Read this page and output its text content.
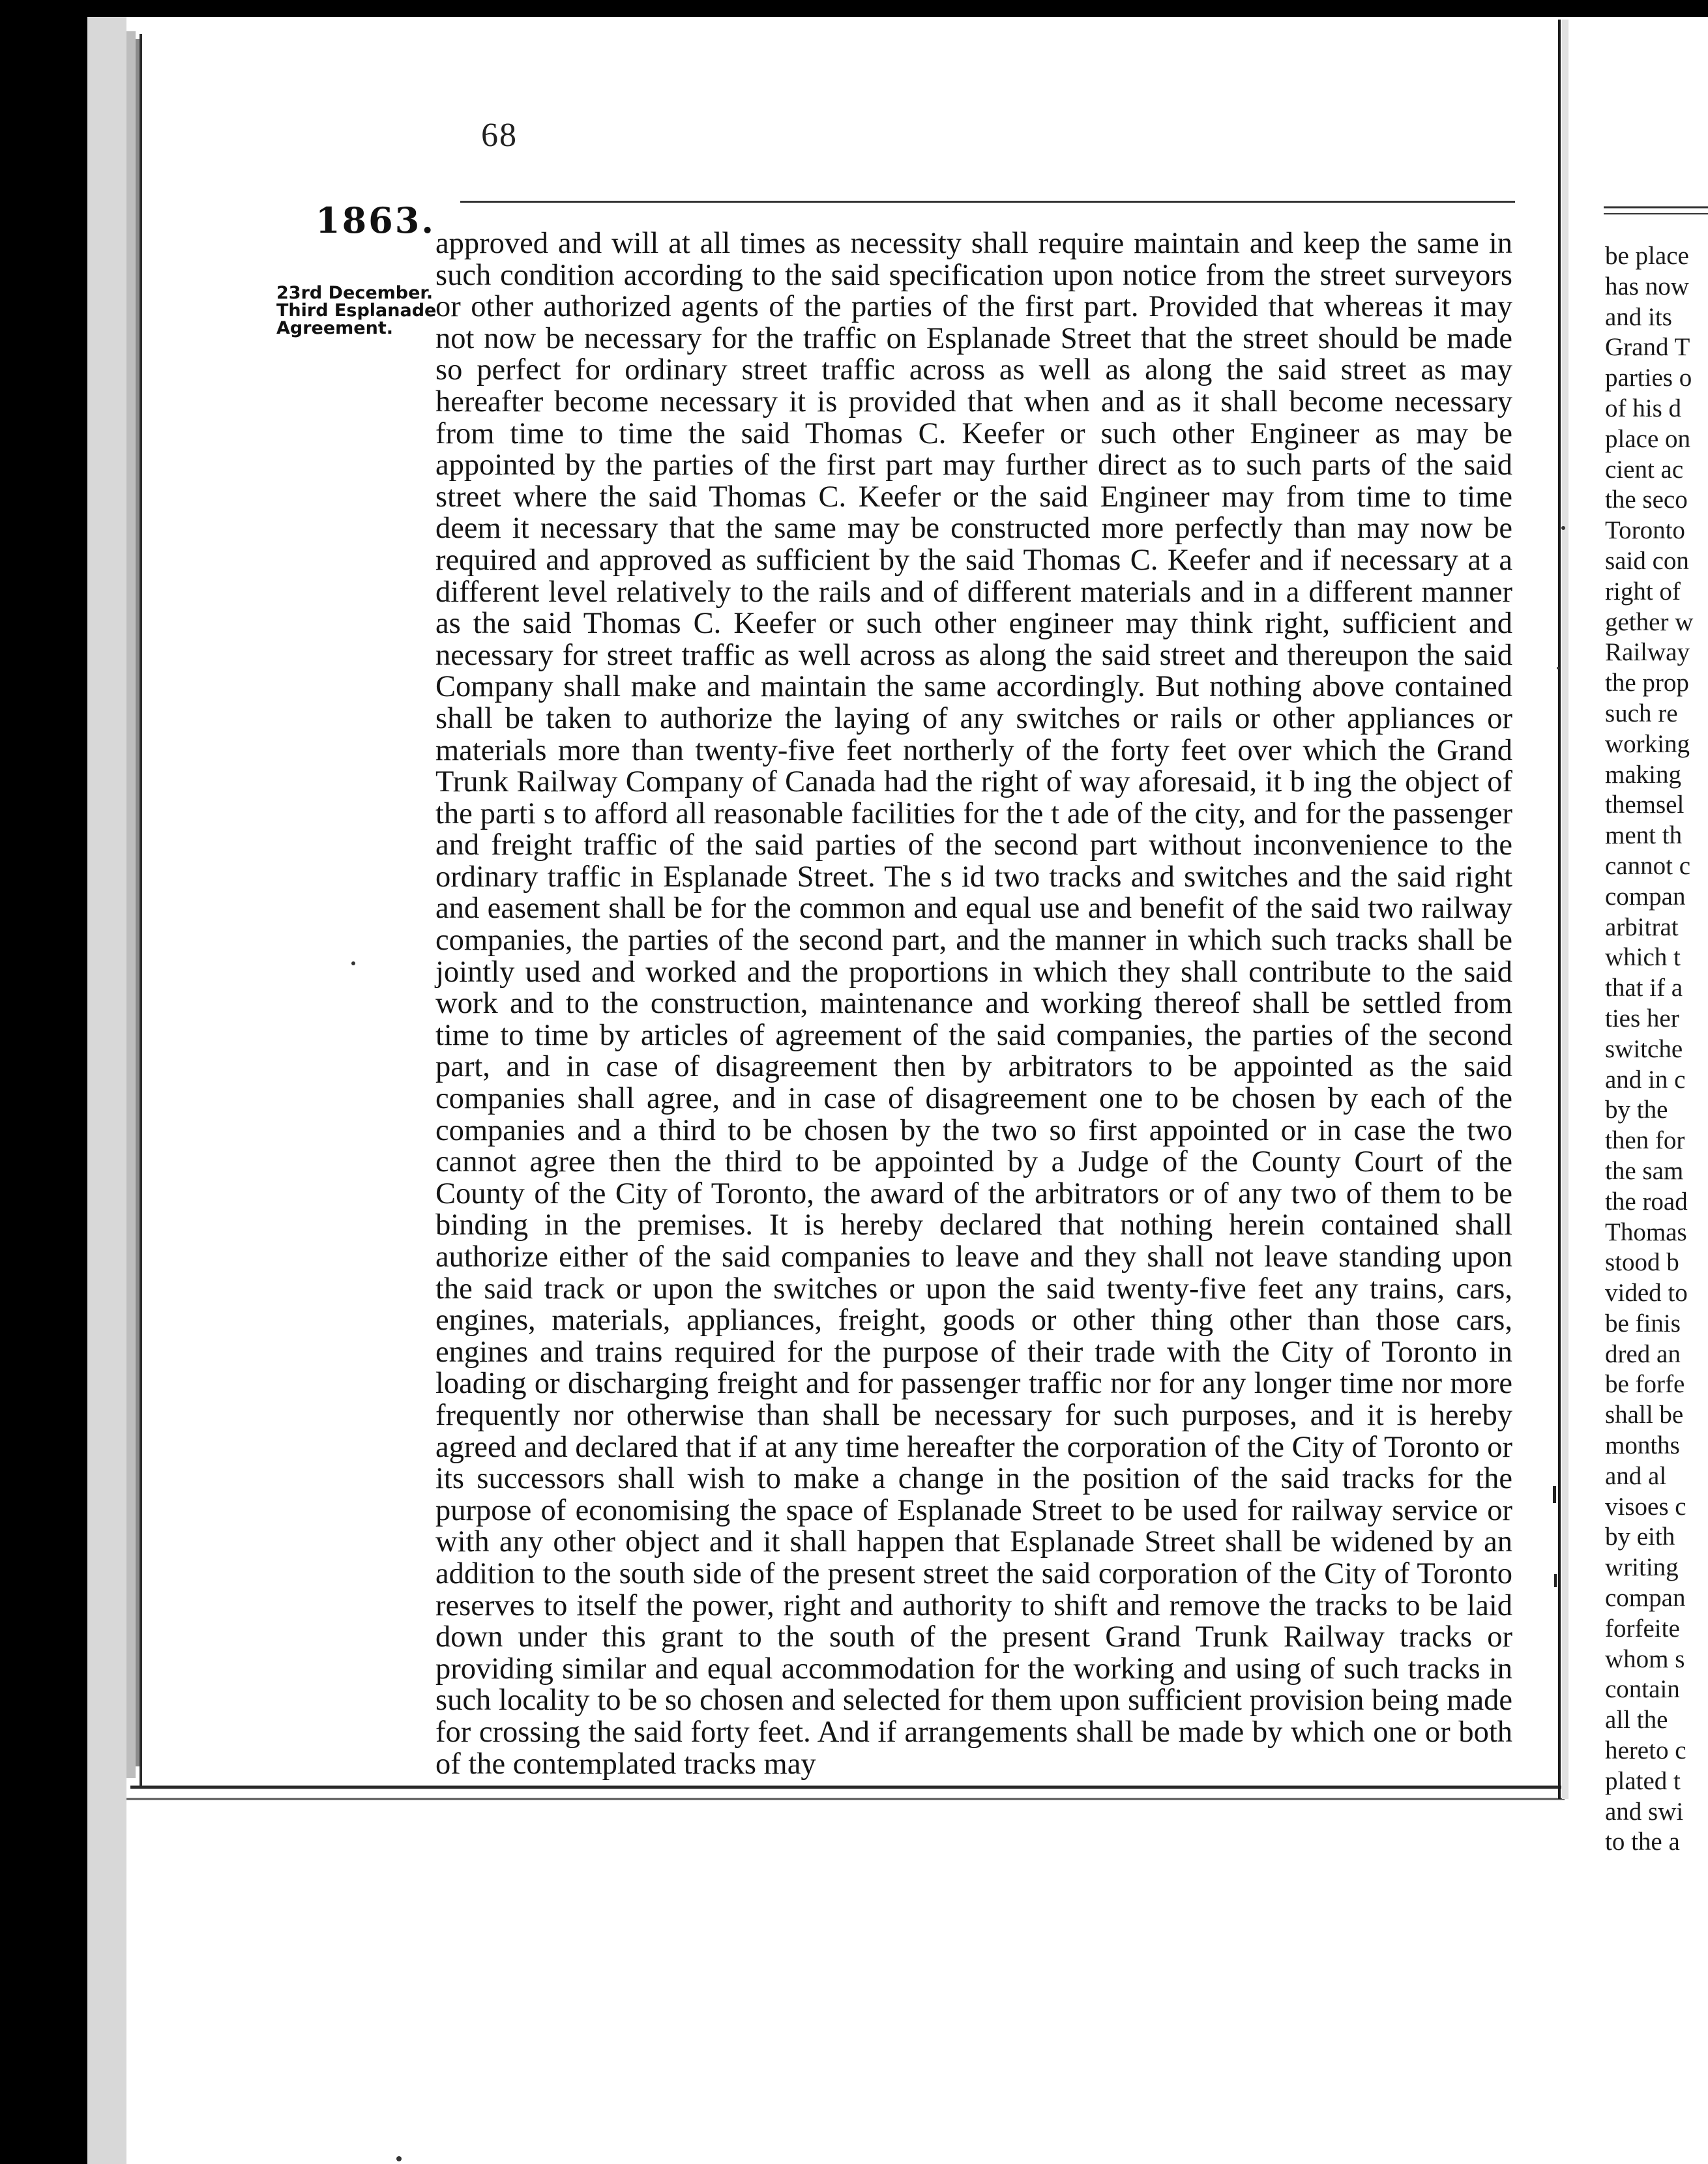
68
1863.
23rd December.
Third Esplanade
Agreement.

approved and will at all times as necessity shall require maintain and keep the same in such condition according to the said specification upon notice from the street surveyors or other authorized agents of the parties of the first part. Provided that whereas it may not now be necessary for the traffic on Esplanade Street that the street should be made so perfect for ordinary street traffic across as well as along the said street as may hereafter become necessary it is provided that when and as it shall become necessary from time to time the said Thomas C. Keefer or such other Engineer as may be appointed by the parties of the first part may further direct as to such parts of the said street where the said Thomas C. Keefer or the said Engineer may from time to time deem it necessary that the same may be constructed more perfectly than may now be required and approved as sufficient by the said Thomas C. Keefer and if necessary at a different level relatively to the rails and of different materials and in a different manner as the said Thomas C. Keefer or such other engineer may think right, sufficient and necessary for street traffic as well across as along the said street and thereupon the said Company shall make and maintain the same accordingly. But nothing above contained shall be taken to authorize the laying of any switches or rails or other appliances or materials more than twenty-five feet northerly of the forty feet over which the Grand Trunk Railway Company of Canada had the right of way aforesaid, it b ing the object of the parti s to afford all reasonable facilities for the t ade of the city, and for the passenger and freight traffic of the said parties of the second part without inconvenience to the ordinary traffic in Esplanade Street. The s id two tracks and switches and the said right and easement shall be for the common and equal use and benefit of the said two railway companies, the parties of the second part, and the manner in which such tracks shall be jointly used and worked and the proportions in which they shall contribute to the said work and to the construction, maintenance and working thereof shall be settled from time to time by articles of agreement of the said companies, the parties of the second part, and in case of disagreement then by arbitrators to be appointed as the said companies shall agree, and in case of disagreement one to be chosen by each of the companies and a third to be chosen by the two so first appointed or in case the two cannot agree then the third to be appointed by a Judge of the County Court of the County of the City of Toronto, the award of the arbitrators or of any two of them to be binding in the premises. It is hereby declared that nothing herein contained shall authorize either of the said companies to leave and they shall not leave standing upon the said track or upon the switches or upon the said twenty-five feet any trains, cars, engines, materials, appliances, freight, goods or other thing other than those cars, engines and trains required for the purpose of their trade with the City of Toronto in loading or discharging freight and for passenger traffic nor for any longer time nor more frequently nor otherwise than shall be necessary for such purposes, and it is hereby agreed and declared that if at any time hereafter the corporation of the City of Toronto or its successors shall wish to make a change in the position of the said tracks for the purpose of economising the space of Esplanade Street to be used for railway service or with any other object and it shall happen that Esplanade Street shall be widened by an addition to the south side of the present street the said corporation of the City of Toronto reserves to itself the power, right and authority to shift and remove the tracks to be laid down under this grant to the south of the present Grand Trunk Railway tracks or providing similar and equal accommodation for the working and using of such tracks in such locality to be so chosen and selected for them upon sufficient provision being made for crossing the said forty feet. And if arrangements shall be made by which one or both of the contemplated tracks may

be place
has now
and its
Grand T
parties o
of his d
place on
cient ac
the seco
Toronto
said con
right of
gether w
Railway
the prop
such re
working
making
themsel
ment th
cannot c
compan
arbitrat
which t
that if a
ties her
switche
and in c
by the
then for
the sam
the road
Thomas
stood b
vided to
be finis
dred an
be forfe
shall be
months
and al
visoes c
by eith
writing
compan
forfeite
whom s
contain
all the
hereto c
plated t
and swi
to the a
